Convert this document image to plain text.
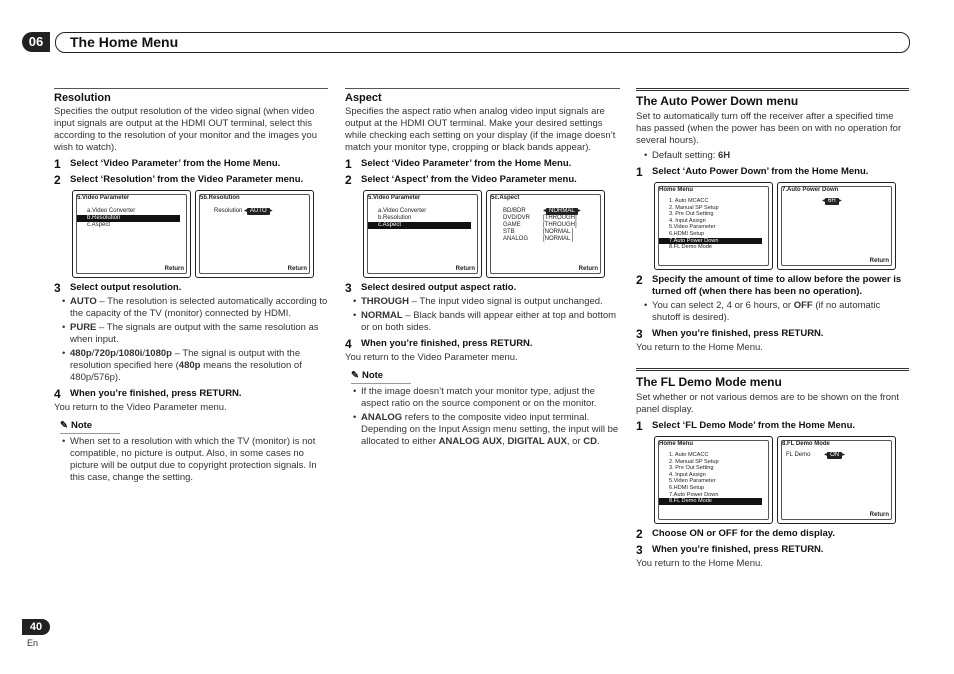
06	The Home Menu
Resolution

Specifies the output resolution of the video signal (when video input signals are output at the HDMI OUT terminal, select this according to the resolution of your monitor and the images you wish to watch).

1 Select ‘Video Parameter’ from the Home Menu.
2 Select ‘Resolution’ from the Video Parameter menu.
5.Video Parameter
a.Video Converter
b.Resolution
c.Aspect
Return
5b.Resolution
Resolution ◂ AUTO ▸
Return
3 Select output resolution.
• AUTO – The resolution is selected automatically according to the capacity of the TV (monitor) connected by HDMI.
• PURE – The signals are output with the same resolution as when input.
• 480p/720p/1080i/1080p – The signal is output with the resolution specified here (480p means the resolution of 480p/576p).
4 When you’re finished, press RETURN.

You return to the Video Parameter menu.

✎ Note
• When set to a resolution with which the TV (monitor) is not compatible, no picture is output. Also, in some cases no picture will be output due to copyright protection signals. In this case, change the setting.
Aspect

Specifies the aspect ratio when analog video input signals are output at the HDMI OUT terminal. Make your desired settings while checking each setting on your display (if the image doesn’t match your monitor type, cropping or black bands appear).

1 Select ‘Video Parameter’ from the Home Menu.
2 Select ‘Aspect’ from the Video Parameter menu.
5.Video Parameter
a.Video Converter
b.Resolution
c.Aspect
Return
5c.Aspect
BD/BDR	◂ NORMAL ▸
DVD/DVR	[THROUGH]
GAME	[THROUGH]
STB	[NORMAL ]
ANALOG	[NORMAL ]
Return
3 Select desired output aspect ratio.
• THROUGH – The input video signal is output unchanged.
• NORMAL – Black bands will appear either at top and bottom or on both sides.
4 When you’re finished, press RETURN.

You return to the Video Parameter menu.

✎ Note
• If the image doesn’t match your monitor type, adjust the aspect ratio on the source component or on the monitor.
• ANALOG refers to the composite video input terminal. Depending on the Input Assign menu setting, the input will be allocated to either ANALOG AUX, DIGITAL AUX, or CD.
The Auto Power Down menu

Set to automatically turn off the receiver after a specified time has passed (when the power has been on with no operation for several hours).

• Default setting: 6H
1 Select ‘Auto Power Down’ from the Home Menu.
Home Menu
1. Auto MCACC
2. Manual SP Setup
3. Pre Out Setting
4. Input Assign
5.Video Parameter
6.HDMI Setup
7.Auto Power Down
8.FL Demo Mode
7.Auto Power Down
◂ 6H ▸
Return
2 Specify the amount of time to allow before the power is turned off (when there has been no operation).
• You can select 2, 4 or 6 hours, or OFF (if no automatic shutoff is desired).
3 When you’re finished, press RETURN.

You return to the Home Menu.

The FL Demo Mode menu

Set whether or not various demos are to be shown on the front panel display.

1 Select ‘FL Demo Mode’ from the Home Menu.
Home Menu
1. Auto MCACC
2. Manual SP Setup
3. Pre Out Setting
4. Input Assign
5.Video Parameter
6.HDMI Setup
7.Auto Power Down
8.FL Demo Mode
8.FL Demo Mode
FL Demo ◂ ON ▸
Return
2 Choose ON or OFF for the demo display.
3 When you’re finished, press RETURN.

You return to the Home Menu.

40
En
